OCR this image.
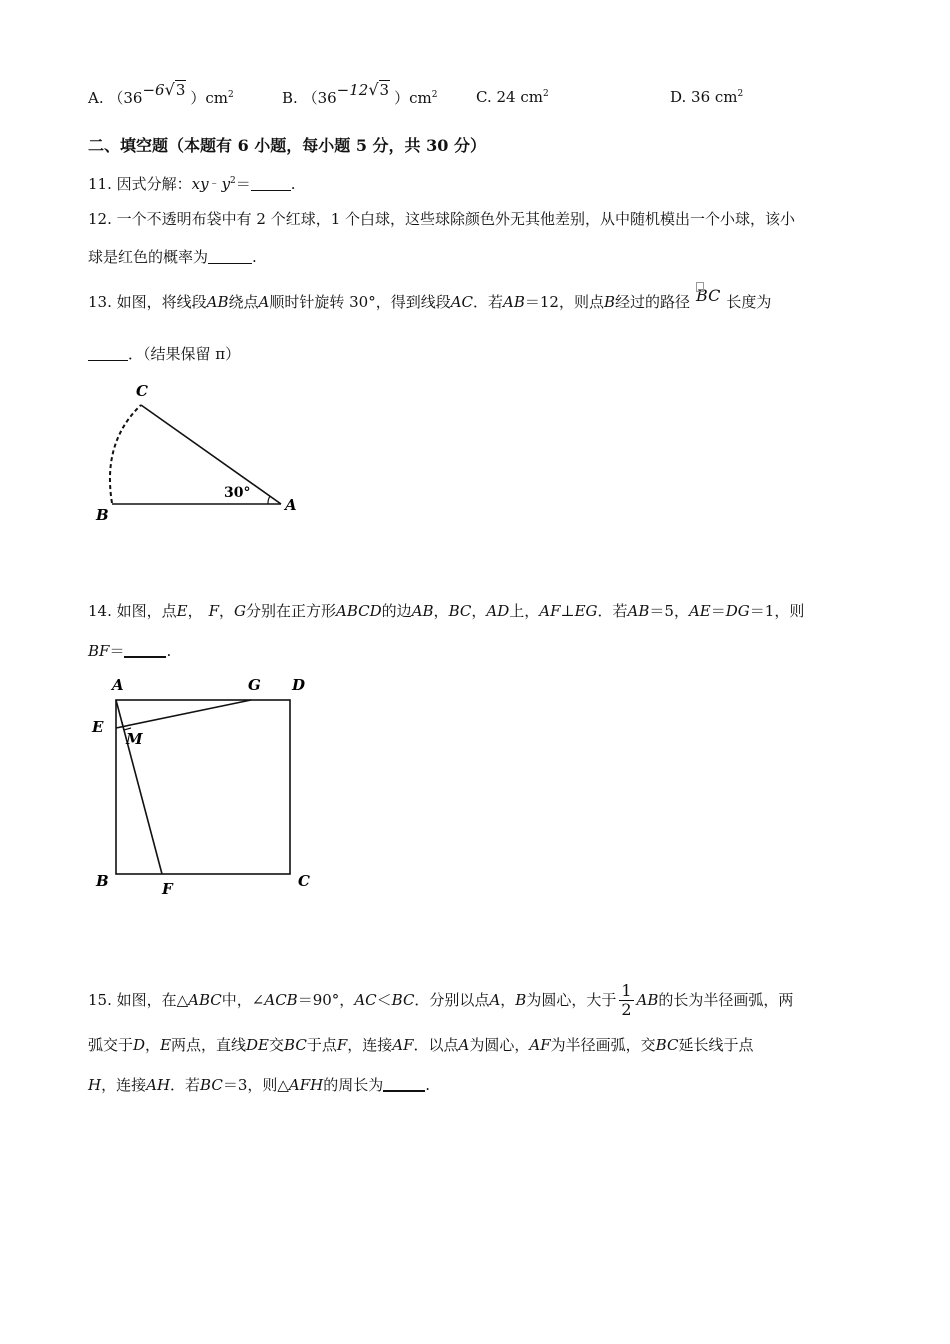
A. （36−6√3 ）$cm^2$	B. （36−12√3 ）$cm^2$	C. 24 $cm^2$	D. 36 $cm^2$
二、填空题（本题有 6 小题，每小题 5 分，共 30 分）
11. 因式分解：xy﹣ $y^2=$	.
12. 一个不透明布袋中有 2 个红球，1 个白球，这些球除颜色外无其他差别，从中随机模出一个小球，该小
球是红色的概率为	.
13. 如图，将线段AB绕点A顺时针旋转 30°，得到线段AC．若AB＝12，则点B经过的路径 BC 长度为
．（结果保留 π）
C
B
A
30°
14. 如图，点E， F，G分别在正方形ABCD的边AB，BC，AD上，AF⊥EG．若AB＝5，AE＝DG＝1，则
BF＝	.
A	G D
E
M
B	F	C
15. 如图，在△ ABC 中，∠ ACB ＝90°， AC ＜ BC ．分别以点 A ， B 为圆心，大于 $\frac{1}{2}$ AB 的长为半径画弧，两
弧交于D，E两点，直线DE交BC于点F，连接AF．以点A为圆心，AF为半径画弧，交BC延长线于点
H，连接AH．若BC＝3，则△AFH的周长为	.
